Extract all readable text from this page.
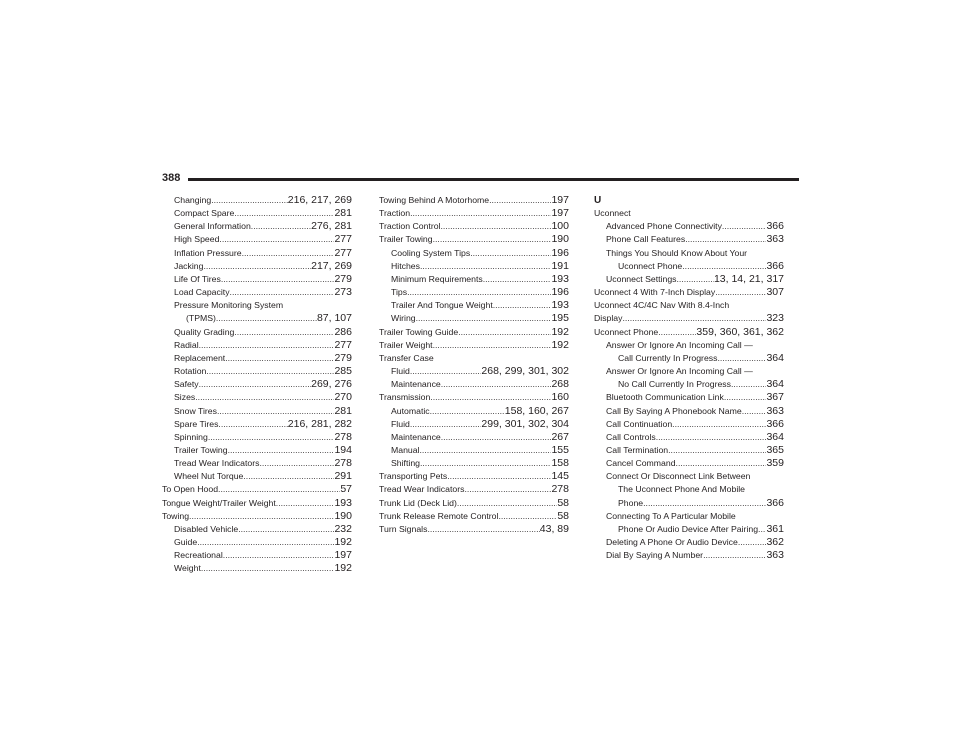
388
Changing .....	216, 217, 269
Compact Spare .....	281
General Information .....	276, 281
High Speed .....	277
Inflation Pressure .....	277
Jacking .....	217, 269
Life Of Tires .....	279
Load Capacity .....	273
Pressure Monitoring System
(TPMS) .....	87, 107
Quality Grading .....	286
Radial .....	277
Replacement .....	279
Rotation .....	285
Safety .....	269, 276
Sizes .....	270
Snow Tires .....	281
Spare Tires .....	216, 281, 282
Spinning .....	278
Trailer Towing .....	194
Tread Wear Indicators .....	278
Wheel Nut Torque .....	291
To Open Hood .....	57
Tongue Weight/Trailer Weight .....	193
Towing .....	190
Disabled Vehicle .....	232
Guide .....	192
Recreational .....	197
Weight .....	192
Towing Behind A Motorhome .....	197
Traction .....	197
Traction Control .....	100
Trailer Towing .....	190
Cooling System Tips .....	196
Hitches .....	191
Minimum Requirements .....	193
Tips .....	196
Trailer And Tongue Weight .....	193
Wiring .....	195
Trailer Towing Guide .....	192
Trailer Weight .....	192
Transfer Case
Fluid .....	268, 299, 301, 302
Maintenance .....	268
Transmission .....	160
Automatic .....	158, 160, 267
Fluid .....	299, 301, 302, 304
Maintenance .....	267
Manual .....	155
Shifting .....	158
Transporting Pets .....	145
Tread Wear Indicators .....	278
Trunk Lid (Deck Lid) .....	58
Trunk Release Remote Control .....	58
Turn Signals .....	43, 89
U
Uconnect
Advanced Phone Connectivity .....	366
Phone Call Features .....	363
Things You Should Know About Your
Uconnect Phone .....	366
Uconnect Settings .....	13, 14, 21, 317
Uconnect 4 With 7-Inch Display .....	307
Uconnect 4C/4C Nav With 8.4-Inch
Display .....	323
Uconnect Phone .....	359, 360, 361, 362
Answer Or Ignore An Incoming Call —
Call Currently In Progress .....	364
Answer Or Ignore An Incoming Call —
No Call Currently In Progress .....	364
Bluetooth Communication Link .....	367
Call By Saying A Phonebook Name ..... 363
Call Continuation .....	366
Call Controls .....	364
Call Termination .....	365
Cancel Command .....	359
Connect Or Disconnect Link Between
The Uconnect Phone And Mobile
Phone .....	366
Connecting To A Particular Mobile
Phone Or Audio Device After Pairing ..... 361
Deleting A Phone Or Audio Device .....	362
Dial By Saying A Number .....	363
